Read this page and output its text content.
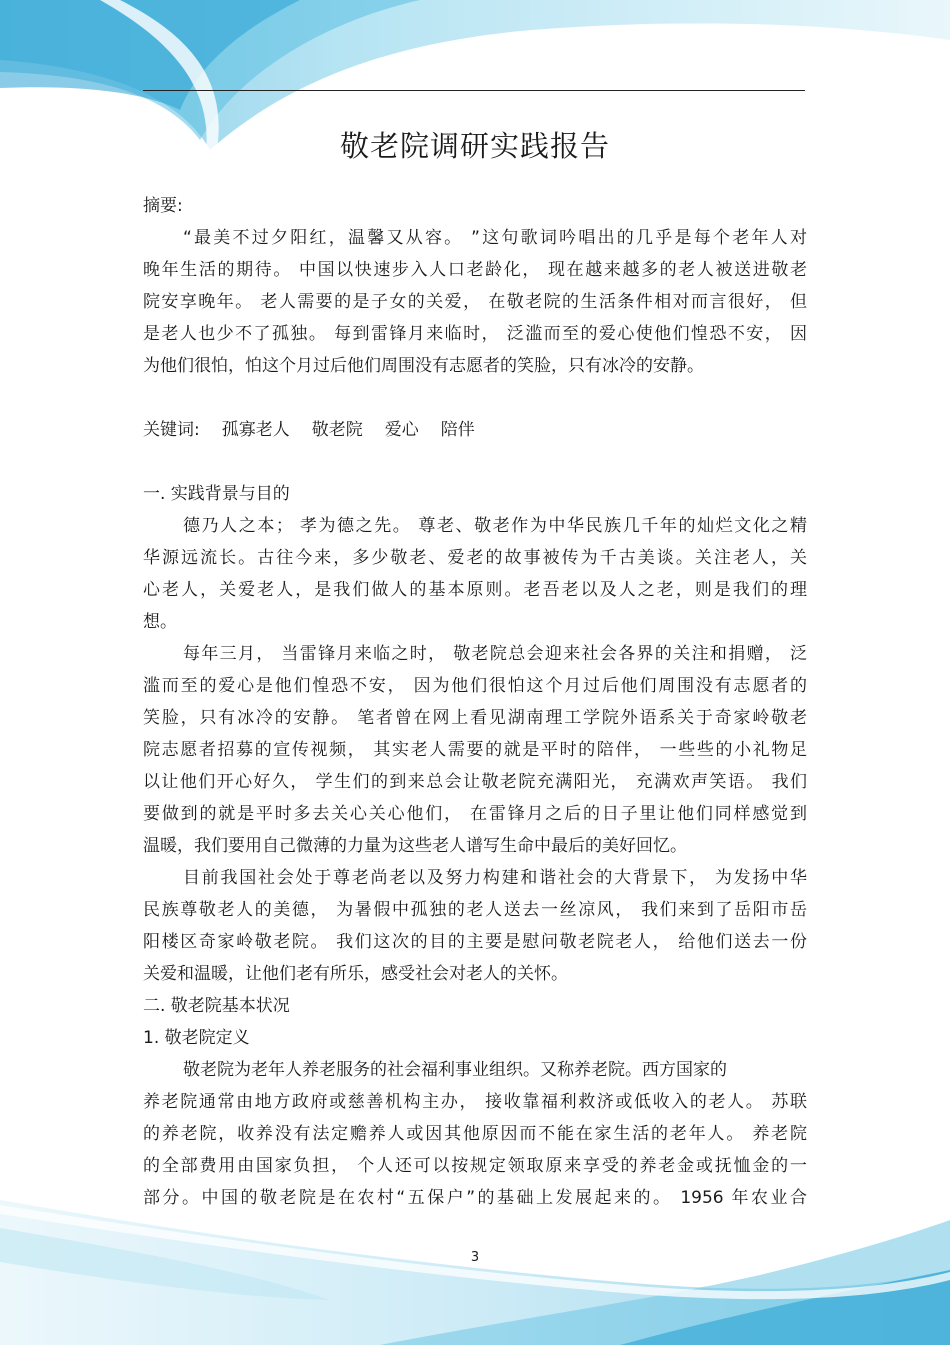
敬老院调研实践报告
摘要:
“最美不过夕阳红，温馨又从容。 ”这句歌词吟唱出的几乎是每个老年人对
晚年生活的期待。 中国以快速步入人口老龄化， 现在越来越多的老人被送进敬老
院安享晚年。 老人需要的是子女的关爱， 在敬老院的生活条件相对而言很好， 但
是老人也少不了孤独。 每到雷锋月来临时， 泛滥而至的爱心使他们惶恐不安， 因
为他们很怕，怕这个月过后他们周围没有志愿者的笑脸，只有冰冷的安静。
关键词: 孤寡老人 敬老院 爱心 陪伴
一. 实践背景与目的
德乃人之本； 孝为德之先。 尊老、敬老作为中华民族几千年的灿烂文化之精
华源远流长。古往今来，多少敬老、爱老的故事被传为千古美谈。关注老人，关
心老人，关爱老人，是我们做人的基本原则。老吾老以及人之老，则是我们的理
想。
每年三月， 当雷锋月来临之时， 敬老院总会迎来社会各界的关注和捐赠， 泛
滥而至的爱心是他们惶恐不安， 因为他们很怕这个月过后他们周围没有志愿者的
笑脸，只有冰冷的安静。 笔者曾在网上看见湖南理工学院外语系关于奇家岭敬老
院志愿者招募的宣传视频， 其实老人需要的就是平时的陪伴， 一些些的小礼物足
以让他们开心好久， 学生们的到来总会让敬老院充满阳光， 充满欢声笑语。 我们
要做到的就是平时多去关心关心他们， 在雷锋月之后的日子里让他们同样感觉到
温暖，我们要用自己微薄的力量为这些老人谱写生命中最后的美好回忆。
目前我国社会处于尊老尚老以及努力构建和谐社会的大背景下， 为发扬中华
民族尊敬老人的美德， 为暑假中孤独的老人送去一丝凉风， 我们来到了岳阳市岳
阳楼区奇家岭敬老院。 我们这次的目的主要是慰问敬老院老人， 给他们送去一份
关爱和温暖，让他们老有所乐，感受社会对老人的关怀。
二. 敬老院基本状况
1. 敬老院定义
敬老院为老年人养老服务的社会福利事业组织。又称养老院。西方国家的
养老院通常由地方政府或慈善机构主办， 接收靠福利救济或低收入的老人。 苏联
的养老院，收养没有法定赡养人或因其他原因而不能在家生活的老年人。 养老院
的全部费用由国家负担， 个人还可以按规定领取原来享受的养老金或抚恤金的一
部分。中国的敬老院是在农村“五保户”的基础上发展起来的。 1956 年农业合
3
